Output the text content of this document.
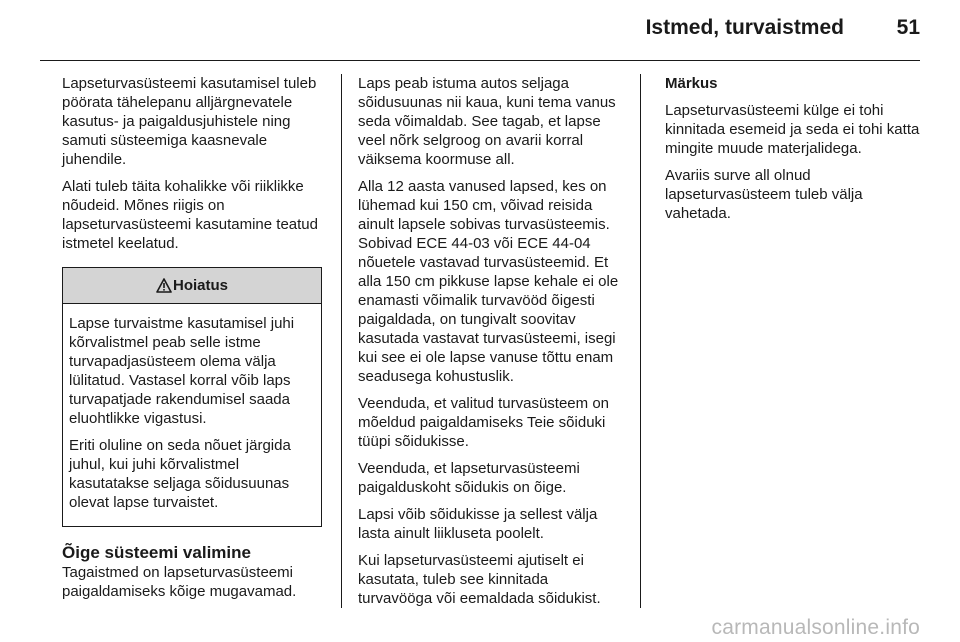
Istmed, turvaistmed	51

Lapseturvasüsteemi kasutamisel tuleb pöörata tähelepanu alljärgnevatele kasutus- ja paigaldusjuhistele ning samuti süsteemiga kaasnevale juhendile.

Alati tuleb täita kohalikke või riiklikke nõudeid. Mõnes riigis on lapseturvasüsteemi kasutamine teatud istmetel keelatud.

Hoiatus

Lapse turvaistme kasutamisel juhi kõrvalistmel peab selle istme turvapadjasüsteem olema välja lülitatud. Vastasel korral võib laps turvapatjade rakendumisel saada eluohtlikke vigastusi.

Eriti oluline on seda nõuet järgida juhul, kui juhi kõrvalistmel kasutatakse seljaga sõidusuunas olevat lapse turvaistet.

Õige süsteemi valimine

Tagaistmed on lapseturvasüsteemi paigaldamiseks kõige mugavamad.

Laps peab istuma autos seljaga sõidusuunas nii kaua, kuni tema vanus seda võimaldab. See tagab, et lapse veel nõrk selgroog on avarii korral väiksema koormuse all.

Alla 12 aasta vanused lapsed, kes on lühemad kui 150 cm, võivad reisida ainult lapsele sobivas turvasüsteemis. Sobivad ECE 44-03 või ECE 44-04 nõuetele vastavad turvasüsteemid. Et alla 150 cm pikkuse lapse kehale ei ole enamasti võimalik turvavööd õigesti paigaldada, on tungivalt soovitav kasutada vastavat turvasüsteemi, isegi kui see ei ole lapse vanuse tõttu enam seadusega kohustuslik.

Veenduda, et valitud turvasüsteem on mõeldud paigaldamiseks Teie sõiduki tüüpi sõidukisse.

Veenduda, et lapseturvasüsteemi paigalduskoht sõidukis on õige.

Lapsi võib sõidukisse ja sellest välja lasta ainult liikluseta poolelt.

Kui lapseturvasüsteemi ajutiselt ei kasutata, tuleb see kinnitada turvavööga või eemaldada sõidukist.

Märkus

Lapseturvasüsteemi külge ei tohi kinnitada esemeid ja seda ei tohi katta mingite muude materjalidega.

Avariis surve all olnud lapseturvasüsteem tuleb välja vahetada.

carmanualsonline.info
